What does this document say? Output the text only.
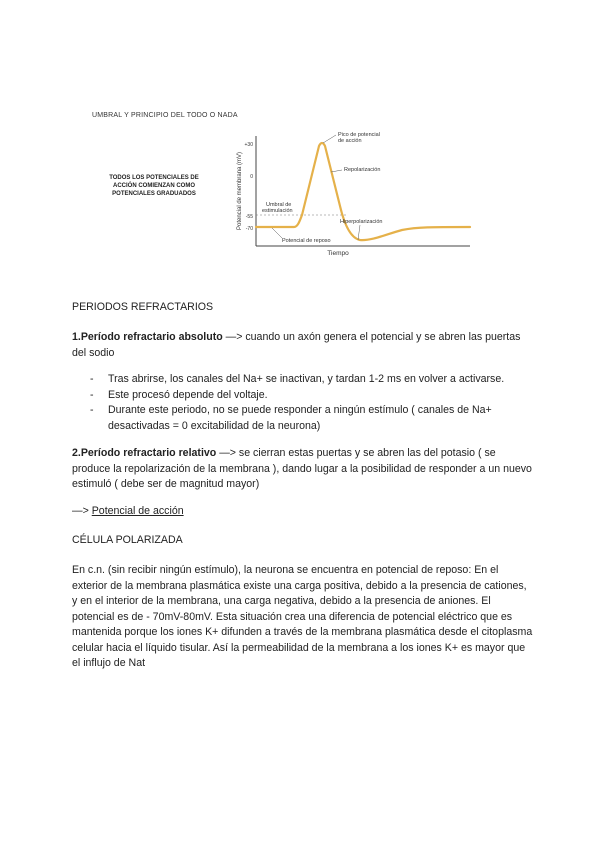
UMBRAL Y PRINCIPIO DEL TODO O NADA
TODOS LOS POTENCIALES DE ACCIÓN COMIENZAN COMO POTENCIALES GRADUADOS	Potencial de membrana (mV)
Tiempo
+30
0
-55
-70
Pico de potencial de acción
Repolarización
Umbral de estimulación
Hiperpolarización
Potencial de reposo
PERIODOS REFRACTARIOS
1.Período refractario absoluto —> cuando un axón genera el potencial y se abren las puertas del sodio
- Tras abrirse, los canales del Na+ se inactivan, y tardan 1-2 ms en volver a activarse.
- Este procesó depende del voltaje.
- Durante este periodo, no se puede responder a ningún estímulo ( canales de Na+ desactivadas = 0 excitabilidad de la neurona)
2.Período refractario relativo —> se cierran estas puertas y se abren las del potasio ( se produce la repolarización de la membrana ), dando lugar a la posibilidad de responder a un nuevo estimuló ( debe ser de magnitud mayor)
—> Potencial de acción
CÉLULA POLARIZADA
En c.n. (sin recibir ningún estímulo), la neurona se encuentra en potencial de reposo: En el exterior de la membrana plasmática existe una carga positiva, debido a la presencia de cationes, y en el interior de la membrana, una carga negativa, debido a la presencia de aniones. El potencial es de - 70mV-80mV. Esta situación crea una diferencia de potencial eléctrico que es mantenida porque los iones K+ difunden a través de la membrana plasmática desde el citoplasma celular hacia el líquido tisular. Así la permeabilidad de la membrana a los iones K+ es mayor que el influjo de Nat
